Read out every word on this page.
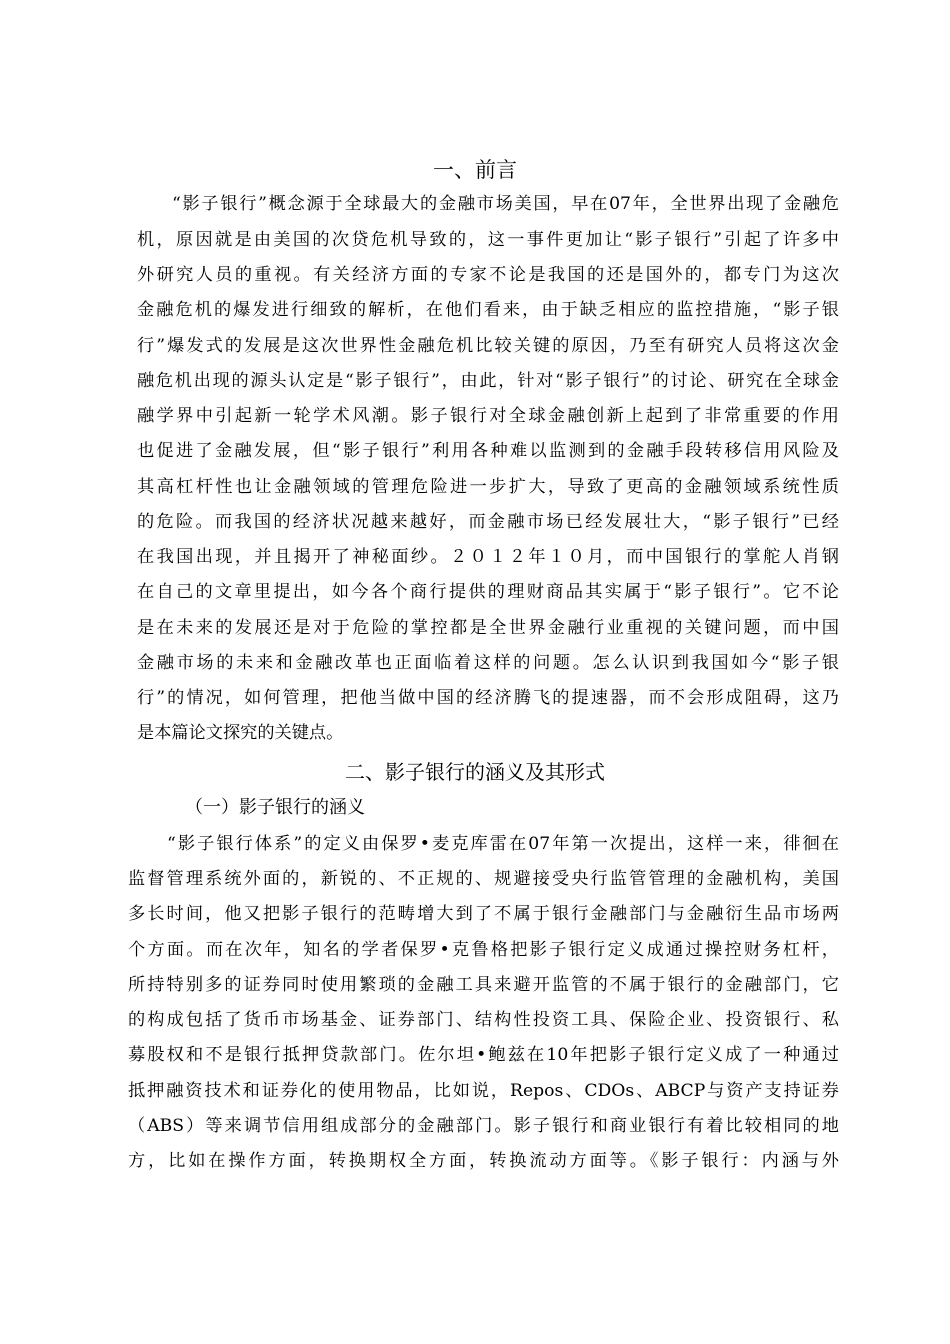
一、前言
“影子银行”概念源于全球最大的金融市场美国，早在07年，全世界出现了金融危
机，原因就是由美国的次贷危机导致的，这一事件更加让“影子银行”引起了许多中
外研究人员的重视。有关经济方面的专家不论是我国的还是国外的，都专门为这次
金融危机的爆发进行细致的解析，在他们看来，由于缺乏相应的监控措施，“影子银
行”爆发式的发展是这次世界性金融危机比较关键的原因，乃至有研究人员将这次金
融危机出现的源头认定是“影子银行”，由此，针对“影子银行”的讨论、研究在全球金
融学界中引起新一轮学术风潮。影子银行对全球金融创新上起到了非常重要的作用
也促进了金融发展，但“影子银行”利用各种难以监测到的金融手段转移信用风险及
其高杠杆性也让金融领域的管理危险进一步扩大，导致了更高的金融领域系统性质
的危险。而我国的经济状况越来越好，而金融市场已经发展壮大，“影子银行”已经
在我国出现，并且揭开了神秘面纱。２０１２年１０月，而中国银行的掌舵人肖钢
在自己的文章里提出，如今各个商行提供的理财商品其实属于“影子银行”。它不论
是在未来的发展还是对于危险的掌控都是全世界金融行业重视的关键问题，而中国
金融市场的未来和金融改革也正面临着这样的问题。怎么认识到我国如今“影子银
行”的情况，如何管理，把他当做中国的经济腾飞的提速器，而不会形成阻碍，这乃
是本篇论文探究的关键点。
二、影子银行的涵义及其形式
（一）影子银行的涵义
“影子银行体系”的定义由保罗•麦克库雷在07年第一次提出，这样一来，徘徊在
监督管理系统外面的，新锐的、不正规的、规避接受央行监管管理的金融机构，美国
多长时间，他又把影子银行的范畴增大到了不属于银行金融部门与金融衍生品市场两
个方面。而在次年，知名的学者保罗•克鲁格把影子银行定义成通过操控财务杠杆，
所持特别多的证券同时使用繁琐的金融工具来避开监管的不属于银行的金融部门，它
的构成包括了货币市场基金、证券部门、结构性投资工具、保险企业、投资银行、私
募股权和不是银行抵押贷款部门。佐尔坦•鲍兹在10年把影子银行定义成了一种通过
抵押融资技术和证券化的使用物品，比如说，Repos、CDOs、ABCP与资产支持证券
（ABS）等来调节信用组成部分的金融部门。影子银行和商业银行有着比较相同的地
方，比如在操作方面，转换期权全方面，转换流动方面等。《影子银行：内涵与外
